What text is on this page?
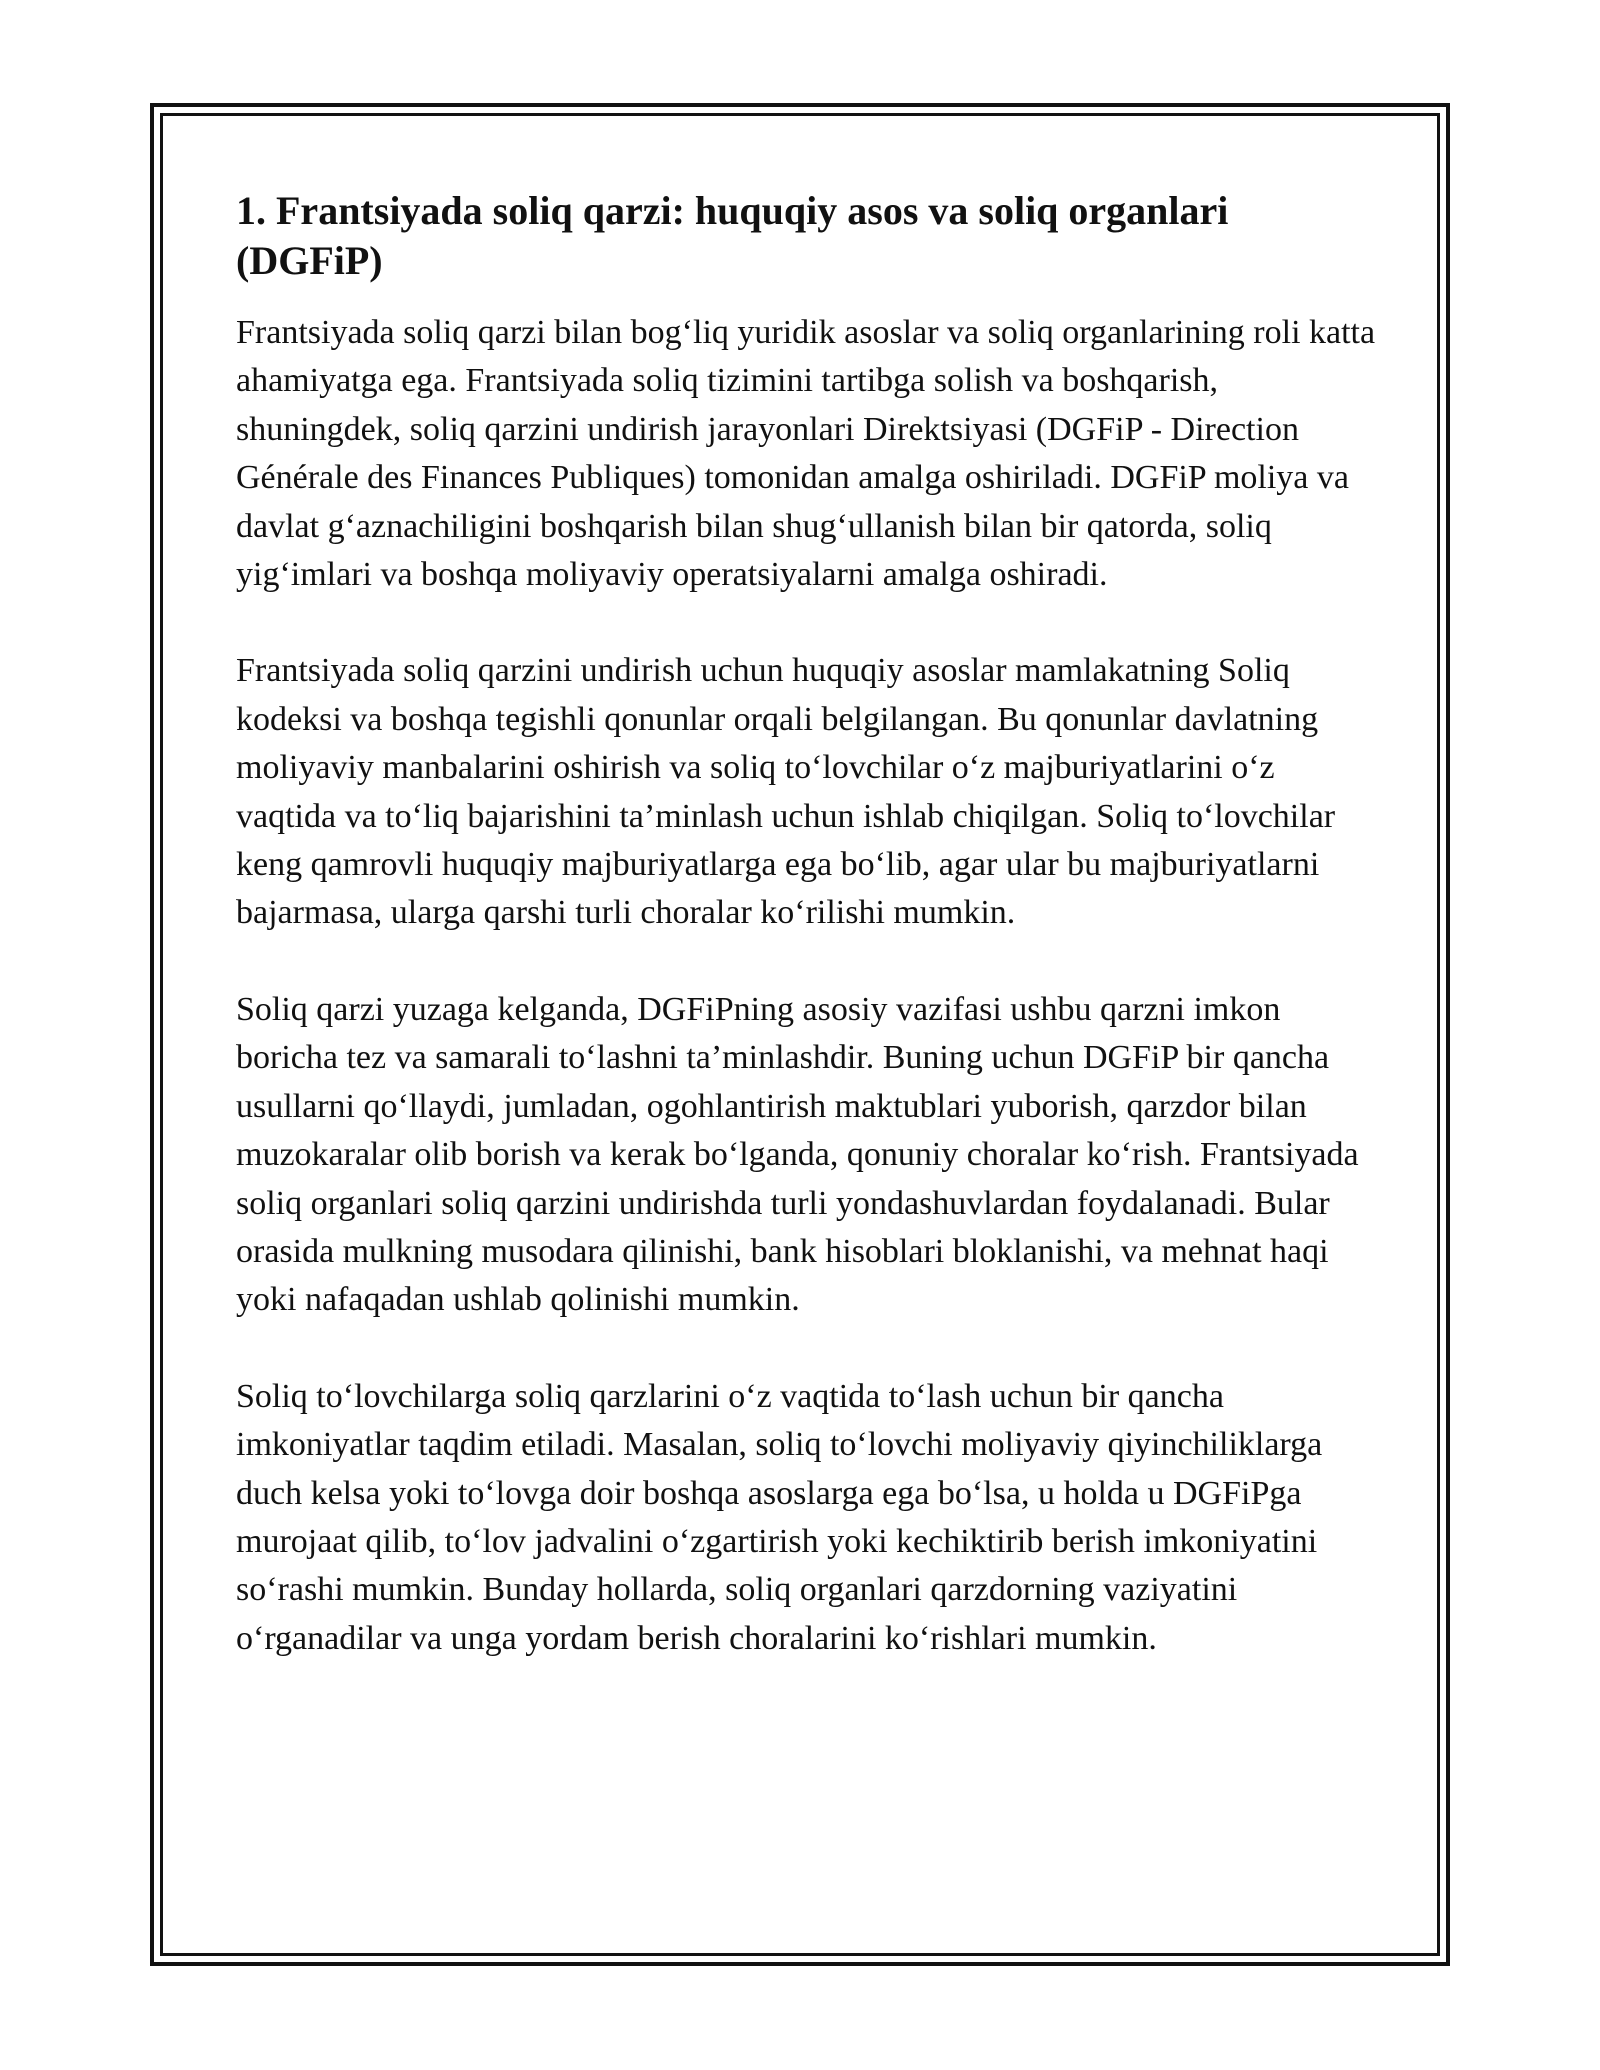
1. Frantsiyada soliq qarzi: huquqiy asos va soliq organlari (DGFiP)

Frantsiyada soliq qarzi bilan bog‘liq yuridik asoslar va soliq organlarining roli katta ahamiyatga ega. Frantsiyada soliq tizimini tartibga solish va boshqarish, shuningdek, soliq qarzini undirish jarayonlari Direktsiyasi (DGFiP - Direction Générale des Finances Publiques) tomonidan amalga oshiriladi. DGFiP moliya va davlat g‘aznachiligini boshqarish bilan shug‘ullanish bilan bir qatorda, soliq yig‘imlari va boshqa moliyaviy operatsiyalarni amalga oshiradi.

Frantsiyada soliq qarzini undirish uchun huquqiy asoslar mamlakatning Soliq kodeksi va boshqa tegishli qonunlar orqali belgilangan. Bu qonunlar davlatning moliyaviy manbalarini oshirish va soliq to‘lovchilar o‘z majburiyatlarini o‘z vaqtida va to‘liq bajarishini ta’minlash uchun ishlab chiqilgan. Soliq to‘lovchilar keng qamrovli huquqiy majburiyatlarga ega bo‘lib, agar ular bu majburiyatlarni bajarmasa, ularga qarshi turli choralar ko‘rilishi mumkin.

Soliq qarzi yuzaga kelganda, DGFiPning asosiy vazifasi ushbu qarzni imkon boricha tez va samarali to‘lashni ta’minlashdir. Buning uchun DGFiP bir qancha usullarni qo‘llaydi, jumladan, ogohlantirish maktublari yuborish, qarzdor bilan muzokaralar olib borish va kerak bo‘lganda, qonuniy choralar ko‘rish. Frantsiyada soliq organlari soliq qarzini undirishda turli yondashuvlardan foydalanadi. Bular orasida mulkning musodara qilinishi, bank hisoblari bloklanishi, va mehnat haqi yoki nafaqadan ushlab qolinishi mumkin.

Soliq to‘lovchilarga soliq qarzlarini o‘z vaqtida to‘lash uchun bir qancha imkoniyatlar taqdim etiladi. Masalan, soliq to‘lovchi moliyaviy qiyinchiliklarga duch kelsa yoki to‘lovga doir boshqa asoslarga ega bo‘lsa, u holda u DGFiPga murojaat qilib, to‘lov jadvalini o‘zgartirish yoki kechiktirib berish imkoniyatini so‘rashi mumkin. Bunday hollarda, soliq organlari qarzdorning vaziyatini o‘rganadilar va unga yordam berish choralarini ko‘rishlari mumkin.
